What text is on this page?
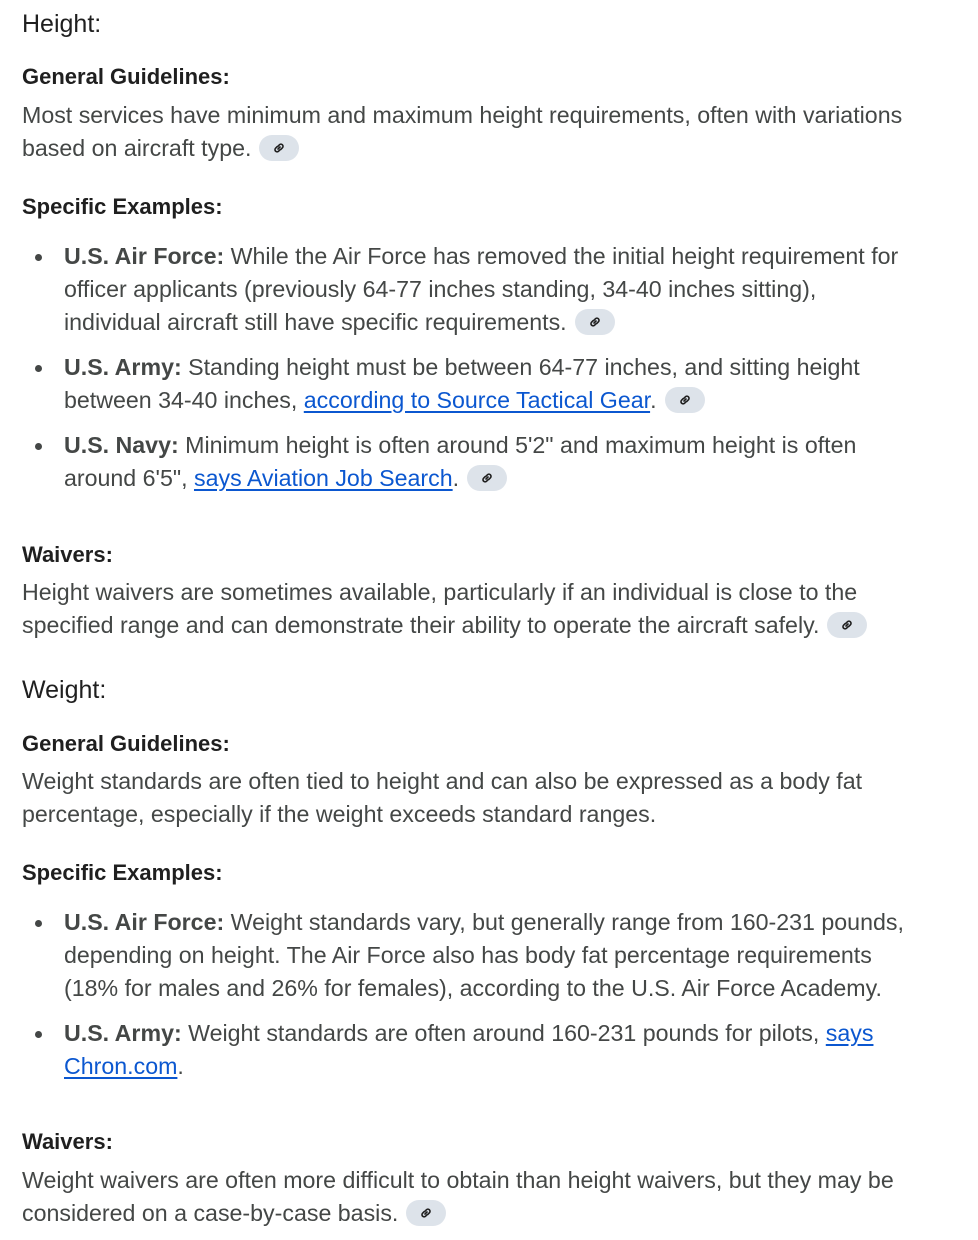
Height:
General Guidelines:
Most services have minimum and maximum height requirements, often with variations
based on aircraft type.
Specific Examples:
U.S. Air Force: While the Air Force has removed the initial height requirement for
officer applicants (previously 64-77 inches standing, 34-40 inches sitting),
individual aircraft still have specific requirements.
U.S. Army: Standing height must be between 64-77 inches, and sitting height
between 34-40 inches, according to Source Tactical Gear.
U.S. Navy: Minimum height is often around 5'2" and maximum height is often
around 6'5", says Aviation Job Search.
Waivers:
Height waivers are sometimes available, particularly if an individual is close to the
specified range and can demonstrate their ability to operate the aircraft safely.
Weight:
General Guidelines:
Weight standards are often tied to height and can also be expressed as a body fat
percentage, especially if the weight exceeds standard ranges.
Specific Examples:
U.S. Air Force: Weight standards vary, but generally range from 160-231 pounds,
depending on height. The Air Force also has body fat percentage requirements
(18% for males and 26% for females), according to the U.S. Air Force Academy.
U.S. Army: Weight standards are often around 160-231 pounds for pilots, says
Chron.com.
Waivers:
Weight waivers are often more difficult to obtain than height waivers, but they may be
considered on a case-by-case basis.
